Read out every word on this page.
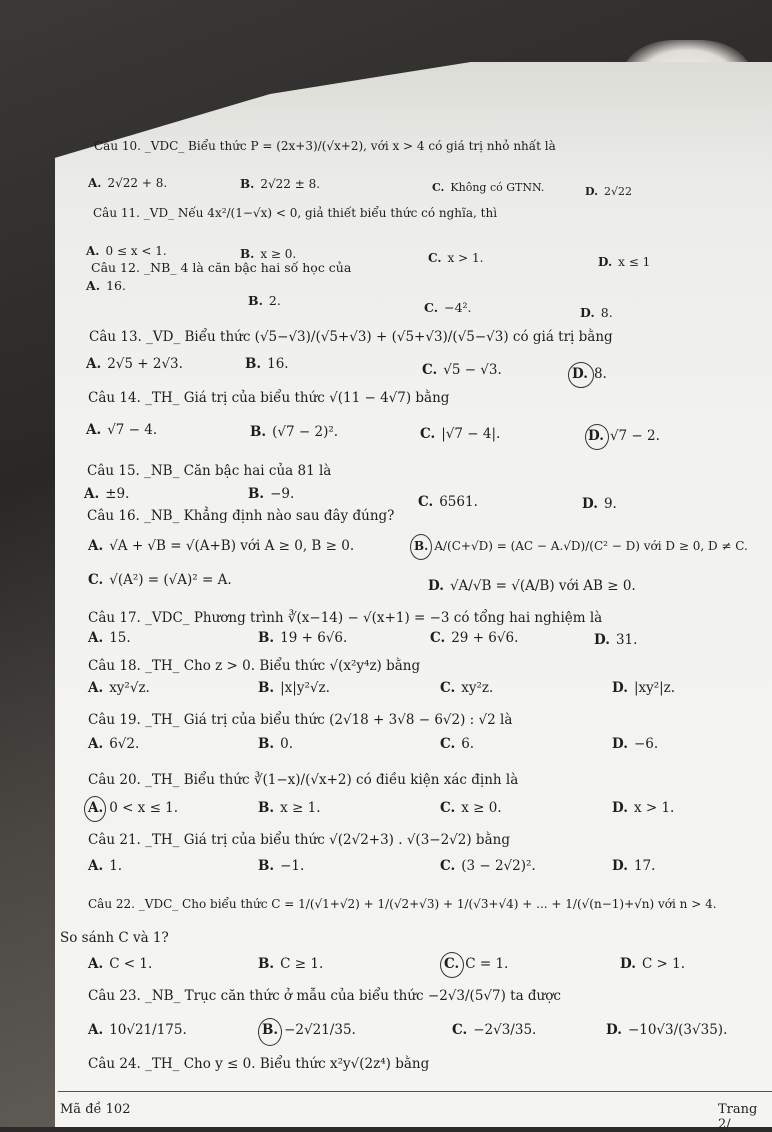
Câu 10. _VDC_ Biểu thức P = (2x+3)/(√x+2), với x > 4 có giá trị nhỏ nhất là
A. 2√22 + 8.	B. 2√22 ± 8.	C. Không có GTNN.	D. 2√22
Câu 11. _VD_ Nếu 4x²/(1−√x) < 0, giả thiết biểu thức có nghĩa, thì
A. 0 ≤ x < 1.	B. x ≥ 0.	C. x > 1.	D. x ≤ 1
Câu 12. _NB_ 4 là căn bậc hai số học của
A. 16.
B. 2.	C. −4².	D. 8.
Câu 13. _VD_ Biểu thức (√5−√3)/(√5+√3) + (√5+√3)/(√5−√3) có giá trị bằng
A. 2√5 + 2√3.	B. 16.	C. √5 − √3.	D. 8.
Câu 14. _TH_ Giá trị của biểu thức √(11 − 4√7) bằng
A. √7 − 4.	B. (√7 − 2)².	C. |√7 − 4|.	D. √7 − 2.
Câu 15. _NB_ Căn bậc hai của 81 là
A. ±9.	B. −9.	C. 6561.	D. 9.
Câu 16. _NB_ Khẳng định nào sau đây đúng?
A. √A + √B = √(A+B) với A ≥ 0, B ≥ 0.	B. A/(C+√D) = (AC − A.√D)/(C² − D) với D ≥ 0, D ≠ C.
C. √(A²) = (√A)² = A.	D. √A/√B = √(A/B) với AB ≥ 0.
Câu 17. _VDC_ Phương trình ∛(x−14) − √(x+1) = −3 có tổng hai nghiệm là
A. 15.	B. 19 + 6√6.	C. 29 + 6√6.	D. 31.
Câu 18. _TH_ Cho z > 0. Biểu thức √(x²y⁴z) bằng
A. xy²√z.	B. |x|y²√z.	C. xy²z.	D. |xy²|z.
Câu 19. _TH_ Giá trị của biểu thức (2√18 + 3√8 − 6√2) : √2 là
A. 6√2.	B. 0.	C. 6.	D. −6.
Câu 20. _TH_ Biểu thức ∛(1−x)/(√x+2) có điều kiện xác định là
A. 0 < x ≤ 1.	B. x ≥ 1.	C. x ≥ 0.	D. x > 1.
Câu 21. _TH_ Giá trị của biểu thức √(2√2+3) . √(3−2√2) bằng
A. 1.	B. −1.	C. (3 − 2√2)².	D. 17.
Câu 22. _VDC_ Cho biểu thức C = 1/(√1+√2) + 1/(√2+√3) + 1/(√3+√4) + ... + 1/(√(n−1)+√n) với n > 4.
So sánh C và 1?
A. C < 1.	B. C ≥ 1.	C. C = 1.	D. C > 1.
Câu 23. _NB_ Trục căn thức ở mẫu của biểu thức −2√3/(5√7) ta được
A. 10√21/175.	B. −2√21/35.	C. −2√3/35.	D. −10√3/(3√35).
Câu 24. _TH_ Cho y ≤ 0. Biểu thức x²y√(2z⁴) bằng
Mã đề 102	Trang 2/
